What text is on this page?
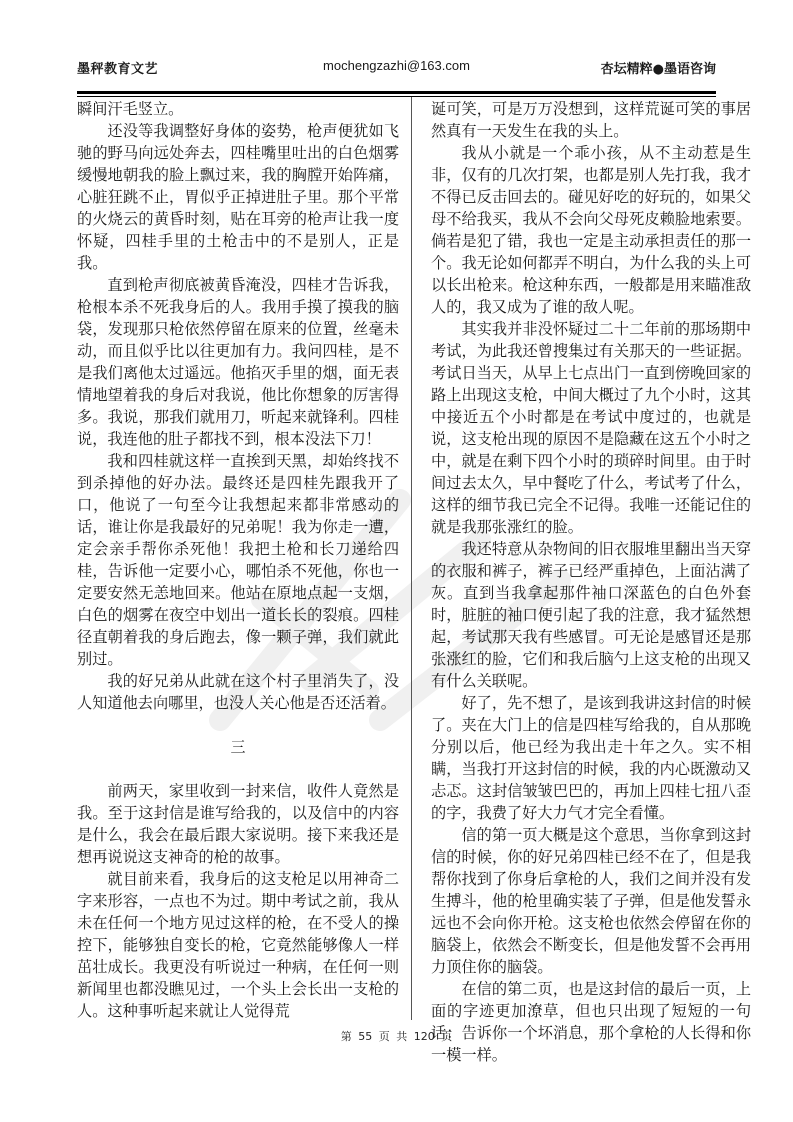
墨秤教育文艺	mochengzazhi@163.com	杏坛精粹●墨语咨询

瞬间汗毛竖立。

还没等我调整好身体的姿势，枪声便犹如飞驰的野马向远处奔去，四桂嘴里吐出的白色烟雾缓慢地朝我的脸上飘过来，我的胸膛开始阵痛，心脏狂跳不止，胃似乎正掉进肚子里。那个平常的火烧云的黄昏时刻，贴在耳旁的枪声让我一度怀疑，四桂手里的土枪击中的不是别人，正是我。

直到枪声彻底被黄昏淹没，四桂才告诉我，枪根本杀不死我身后的人。我用手摸了摸我的脑袋，发现那只枪依然停留在原来的位置，丝毫未动，而且似乎比以往更加有力。我问四桂，是不是我们离他太过遥远。他掐灭手里的烟，面无表情地望着我的身后对我说，他比你想象的厉害得多。我说，那我们就用刀，听起来就锋利。四桂说，我连他的肚子都找不到，根本没法下刀！

我和四桂就这样一直挨到天黑，却始终找不到杀掉他的好办法。最终还是四桂先跟我开了口，他说了一句至今让我想起来都非常感动的话，谁让你是我最好的兄弟呢！我为你走一遭，定会亲手帮你杀死他！我把土枪和长刀递给四桂，告诉他一定要小心，哪怕杀不死他，你也一定要安然无恙地回来。他站在原地点起一支烟，白色的烟雾在夜空中划出一道长长的裂痕。四桂径直朝着我的身后跑去，像一颗子弹，我们就此别过。

我的好兄弟从此就在这个村子里消失了，没人知道他去向哪里，也没人关心他是否还活着。

三

前两天，家里收到一封来信，收件人竟然是我。至于这封信是谁写给我的，以及信中的内容是什么，我会在最后跟大家说明。接下来我还是想再说说这支神奇的枪的故事。

就目前来看，我身后的这支枪足以用神奇二字来形容，一点也不为过。期中考试之前，我从未在任何一个地方见过这样的枪，在不受人的操控下，能够独自变长的枪，它竟然能够像人一样茁壮成长。我更没有听说过一种病，在任何一则新闻里也都没瞧见过，一个头上会长出一支枪的人。这种事听起来就让人觉得荒

诞可笑，可是万万没想到，这样荒诞可笑的事居然真有一天发生在我的头上。

我从小就是一个乖小孩，从不主动惹是生非，仅有的几次打架，也都是别人先打我，我才不得已反击回去的。碰见好吃的好玩的，如果父母不给我买，我从不会向父母死皮赖脸地索要。倘若是犯了错，我也一定是主动承担责任的那一个。我无论如何都弄不明白，为什么我的头上可以长出枪来。枪这种东西，一般都是用来瞄准敌人的，我又成为了谁的敌人呢。

其实我并非没怀疑过二十二年前的那场期中考试，为此我还曾搜集过有关那天的一些证据。考试日当天，从早上七点出门一直到傍晚回家的路上出现这支枪，中间大概过了九个小时，这其中接近五个小时都是在考试中度过的，也就是说，这支枪出现的原因不是隐藏在这五个小时之中，就是在剩下四个小时的琐碎时间里。由于时间过去太久，早中餐吃了什么，考试考了什么，这样的细节我已完全不记得。我唯一还能记住的就是我那张涨红的脸。

我还特意从杂物间的旧衣服堆里翻出当天穿的衣服和裤子，裤子已经严重掉色，上面沾满了灰。直到当我拿起那件袖口深蓝色的白色外套时，脏脏的袖口便引起了我的注意，我才猛然想起，考试那天我有些感冒。可无论是感冒还是那张涨红的脸，它们和我后脑勺上这支枪的出现又有什么关联呢。

好了，先不想了，是该到我讲这封信的时候了。夹在大门上的信是四桂写给我的，自从那晚分别以后，他已经为我出走十年之久。实不相瞒，当我打开这封信的时候，我的内心既激动又忐忑。这封信皱皱巴巴的，再加上四桂七扭八歪的字，我费了好大力气才完全看懂。

信的第一页大概是这个意思，当你拿到这封信的时候，你的好兄弟四桂已经不在了，但是我帮你找到了你身后拿枪的人，我们之间并没有发生搏斗，他的枪里确实装了子弹，但是他发誓永远也不会向你开枪。这支枪也依然会停留在你的脑袋上，依然会不断变长，但是他发誓不会再用力顶住你的脑袋。

在信的第二页，也是这封信的最后一页，上面的字迹更加潦草，但也只出现了短短的一句话：告诉你一个坏消息，那个拿枪的人长得和你一模一样。

第 55 页 共 120 页
